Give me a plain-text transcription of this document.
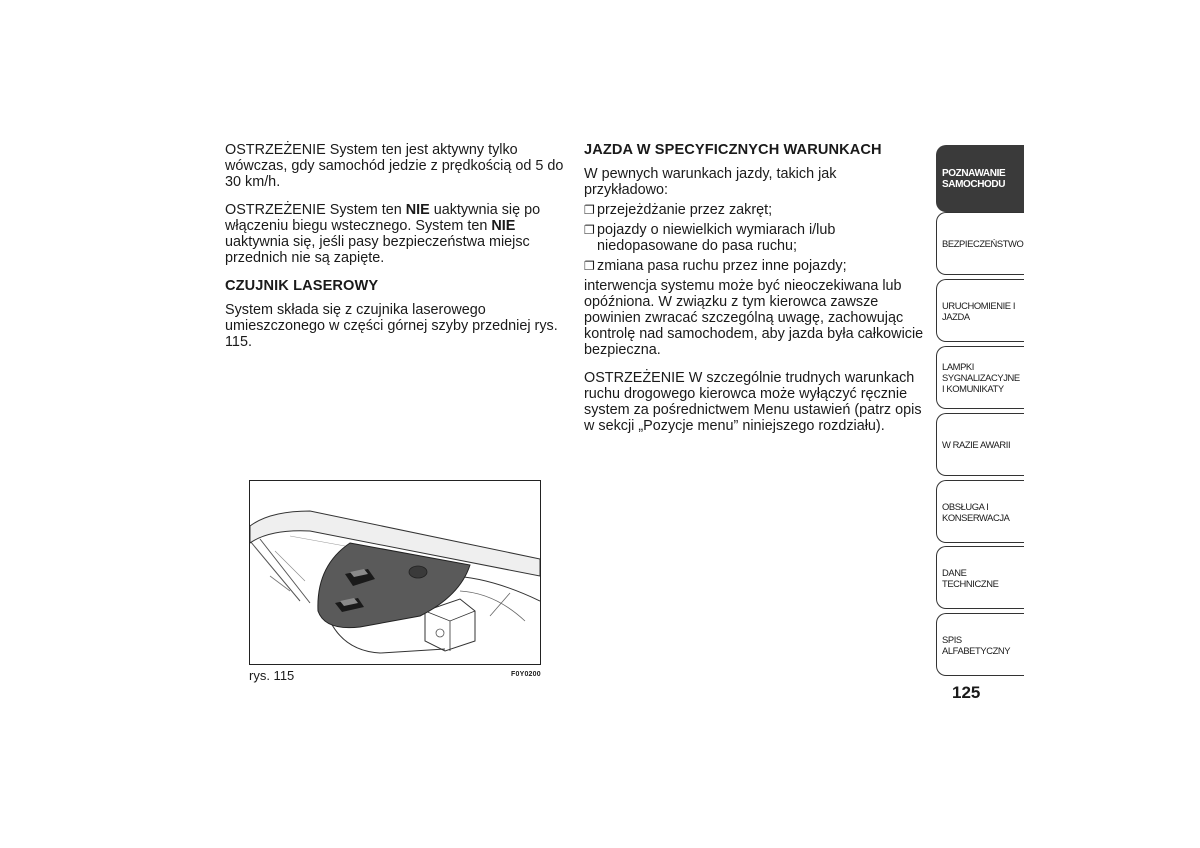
OSTRZEŻENIE System ten jest aktywny tylko wówczas, gdy samochód jedzie z prędkością od 5 do 30 km/h.

OSTRZEŻENIE System ten NIE uaktywnia się po włączeniu biegu wstecznego. System ten NIE uaktywnia się, jeśli pasy bezpieczeństwa miejsc przednich nie są zapięte.

CZUJNIK LASEROWY

System składa się z czujnika laserowego umieszczonego w części górnej szyby przedniej rys. 115.

JAZDA W SPECYFICZNYCH WARUNKACH

W pewnych warunkach jazdy, takich jak przykładowo:

❐ przejeżdżanie przez zakręt;

❐ pojazdy o niewielkich wymiarach i/lub niedopasowane do pasa ruchu;

❐ zmiana pasa ruchu przez inne pojazdy;

interwencja systemu może być nieoczekiwana lub opóźniona. W związku z tym kierowca zawsze powinien zwracać szczególną uwagę, zachowując kontrolę nad samochodem, aby jazda była całkowicie bezpieczna.

OSTRZEŻENIE W szczególnie trudnych warunkach ruchu drogowego kierowca może wyłączyć ręcznie system za pośrednictwem Menu ustawień (patrz opis w sekcji „Pozycje menu” niniejszego rozdziału).

rys. 115	F0Y0200
POZNAWANIE SAMOCHODU
BEZPIECZEŃSTWO
URUCHOMIENIE I JAZDA
LAMPKI SYGNALIZACYJNE I KOMUNIKATY
W RAZIE AWARII
OBSŁUGA I KONSERWACJA
DANE TECHNICZNE
SPIS ALFABETYCZNY
125
